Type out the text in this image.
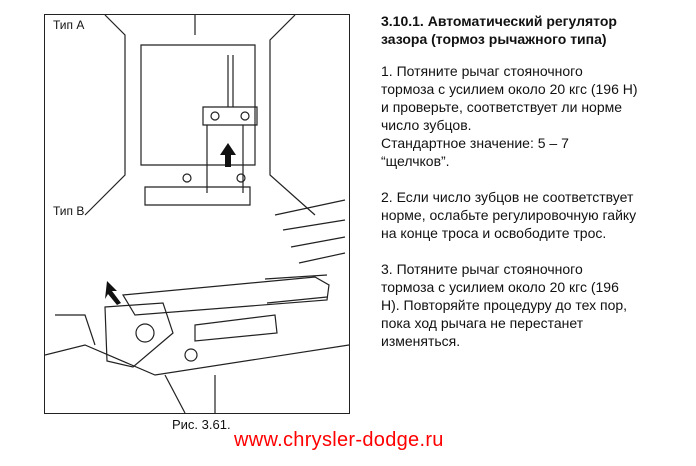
Тип А
Тип В
Рис. 3.61.
3.10.1. Автоматический регулятор
зазора (тормоз рычажного типа)
1. Потяните рычаг стояночного
тормоза с усилием около 20 кгс (196 Н)
и проверьте, соответствует ли норме
число зубцов.
Стандартное значение: 5 – 7
“щелчков”.
2. Если число зубцов не соответствует
норме, ослабьте регулировочную гайку
на конце троса и освободите трос.
3. Потяните рычаг стояночного
тормоза с усилием около 20 кгс (196
Н). Повторяйте процедуру до тех пор,
пока ход рычага не перестанет
изменяться.
www.chrysler-dodge.ru
